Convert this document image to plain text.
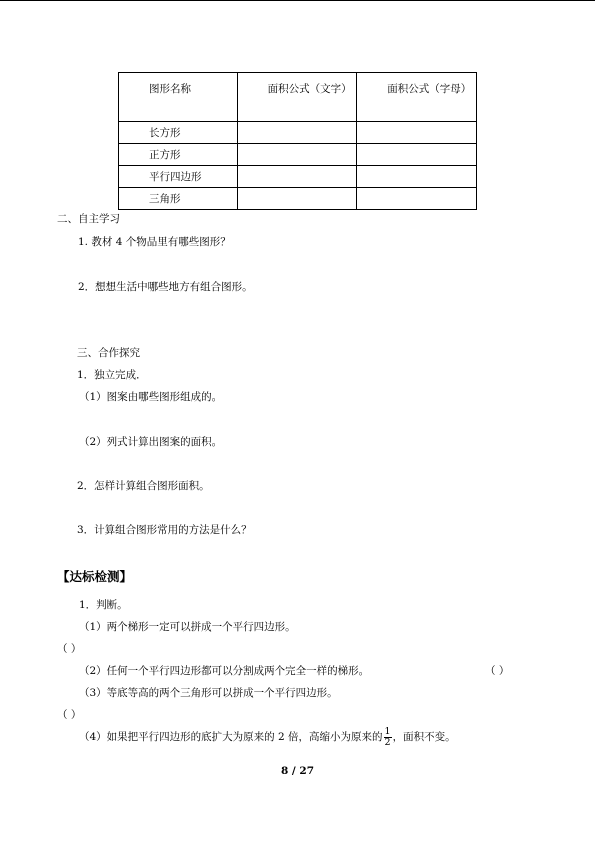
图形名称	面积公式（文字）	面积公式（字母）
长方形		
正方形		
平行四边形		
三角形		
二、自主学习
1. 教材 4 个物品里有哪些图形？
2．想想生活中哪些地方有组合图形。
三、合作探究
1．独立完成．
（1）图案由哪些图形组成的。
（2）列式计算出图案的面积。
2．怎样计算组合图形面积。
3．计算组合图形常用的方法是什么？
【达标检测】
1．判断。
（1）两个梯形一定可以拼成一个平行四边形。
（ ）
（2）任何一个平行四边形都可以分割成两个完全一样的梯形。	（ ）
（3）等底等高的两个三角形可以拼成一个平行四边形。
（ ）
（4）如果把平行四边形的底扩大为原来的 2 倍，高缩小为原来的 $\frac{1}{2}$ ，面积不变。
8 / 27
